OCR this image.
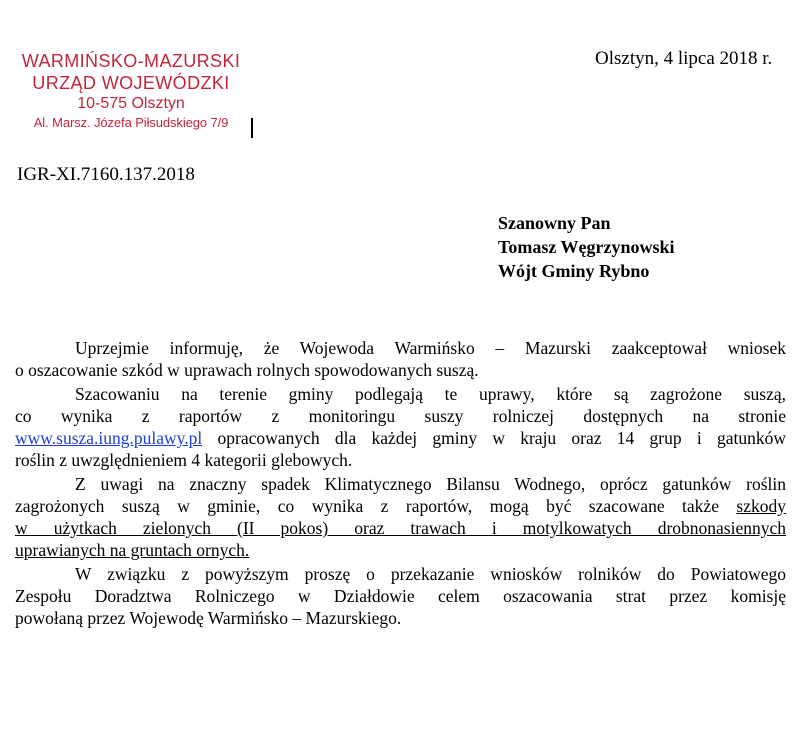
WARMIŃSKO-MAZURSKI
URZĄD WOJEWÓDZKI
10-575 Olsztyn
Al. Marsz. Józefa Piłsudskiego 7/9
Olsztyn, 4 lipca 2018 r.
IGR-XI.7160.137.2018
Szanowny Pan
Tomasz Węgrzynowski
Wójt Gminy Rybno
Uprzejmie informuję, że Wojewoda Warmińsko – Mazurski zaakceptował wniosek
o oszacowanie szkód w uprawach rolnych spowodowanych suszą.
Szacowaniu na terenie gminy podlegają te uprawy, które są zagrożone suszą,
co wynika z raportów z monitoringu suszy rolniczej dostępnych na stronie
www.susza.iung.pulawy.pl opracowanych dla każdej gminy w kraju oraz 14 grup i gatunków
roślin z uwzględnieniem 4 kategorii glebowych.
Z uwagi na znaczny spadek Klimatycznego Bilansu Wodnego, oprócz gatunków roślin
zagrożonych suszą w gminie, co wynika z raportów, mogą być szacowane także szkody
w użytkach zielonych (II pokos) oraz trawach i motylkowatych drobnonasiennych
uprawianych na gruntach ornych.
W związku z powyższym proszę o przekazanie wniosków rolników do Powiatowego
Zespołu Doradztwa Rolniczego w Działdowie celem oszacowania strat przez komisję
powołaną przez Wojewodę Warmińsko – Mazurskiego.
